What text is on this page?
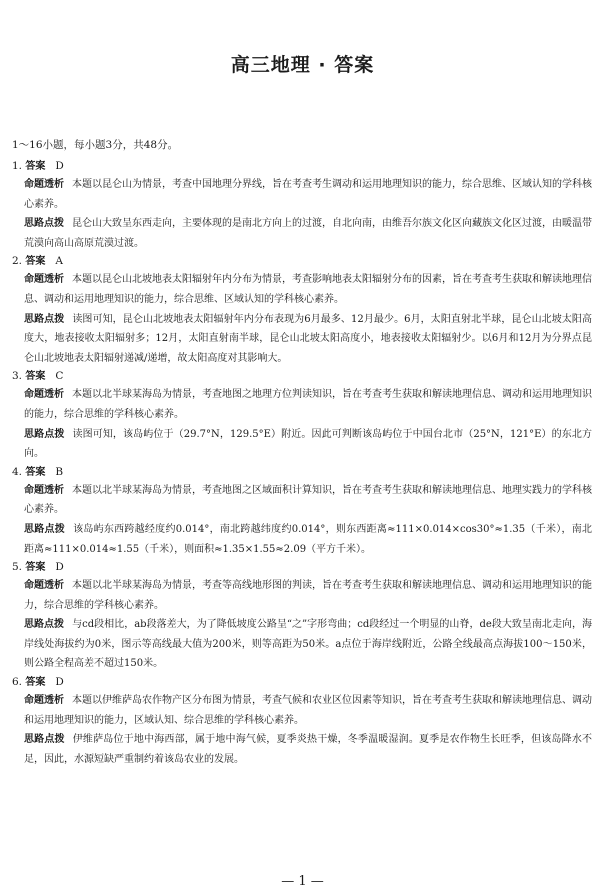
高三地理 · 答案
1～16小题，每小题3分，共48分。
1. 答案 D
命题透析 本题以昆仑山为情景，考查中国地理分界线，旨在考查考生调动和运用地理知识的能力，综合思维、区域认知的学科核心素养。
思路点拨 昆仑山大致呈东西走向，主要体现的是南北方向上的过渡，自北向南，由维吾尔族文化区向藏族文化区过渡，由暖温带荒漠向高山高原荒漠过渡。
2. 答案 A
命题透析 本题以昆仑山北坡地表太阳辐射年内分布为情景，考查影响地表太阳辐射分布的因素，旨在考查考生获取和解读地理信息、调动和运用地理知识的能力，综合思维、区域认知的学科核心素养。
思路点拨 读图可知，昆仑山北坡地表太阳辐射年内分布表现为6月最多、12月最少。6月，太阳直射北半球，昆仑山北坡太阳高度大，地表接收太阳辐射多；12月，太阳直射南半球，昆仑山北坡太阳高度小，地表接收太阳辐射少。以6月和12月为分界点昆仑山北坡地表太阳辐射递减/递增，故太阳高度对其影响大。
3. 答案 C
命题透析 本题以北半球某海岛为情景，考查地图之地理方位判读知识，旨在考查考生获取和解读地理信息、调动和运用地理知识的能力，综合思维的学科核心素养。
思路点拨 读图可知，该岛屿位于（29.7°N，129.5°E）附近。因此可判断该岛屿位于中国台北市（25°N，121°E）的东北方向。
4. 答案 B
命题透析 本题以北半球某海岛为情景，考查地图之区域面积计算知识，旨在考查考生获取和解读地理信息、地理实践力的学科核心素养。
思路点拨 该岛屿东西跨越经度约0.014°，南北跨越纬度约0.014°，则东西距离≈111×0.014×cos30°≈1.35（千米），南北距离≈111×0.014≈1.55（千米），则面积≈1.35×1.55≈2.09（平方千米）。
5. 答案 D
命题透析 本题以北半球某海岛为情景，考查等高线地形图的判读，旨在考查考生获取和解读地理信息、调动和运用地理知识的能力，综合思维的学科核心素养。
思路点拨 与cd段相比，ab段落差大，为了降低坡度公路呈“之”字形弯曲；cd段经过一个明显的山脊，de段大致呈南北走向，海岸线处海拔约为0米，图示等高线最大值为200米，则等高距为50米。a点位于海岸线附近，公路全线最高点海拔100～150米，则公路全程高差不超过150米。
6. 答案 D
命题透析 本题以伊维萨岛农作物产区分布图为情景，考查气候和农业区位因素等知识，旨在考查考生获取和解读地理信息、调动和运用地理知识的能力，区域认知、综合思维的学科核心素养。
思路点拨 伊维萨岛位于地中海西部，属于地中海气候，夏季炎热干燥，冬季温暖湿润。夏季是农作物生长旺季，但该岛降水不足，因此，水源短缺严重制约着该岛农业的发展。
— 1 —
